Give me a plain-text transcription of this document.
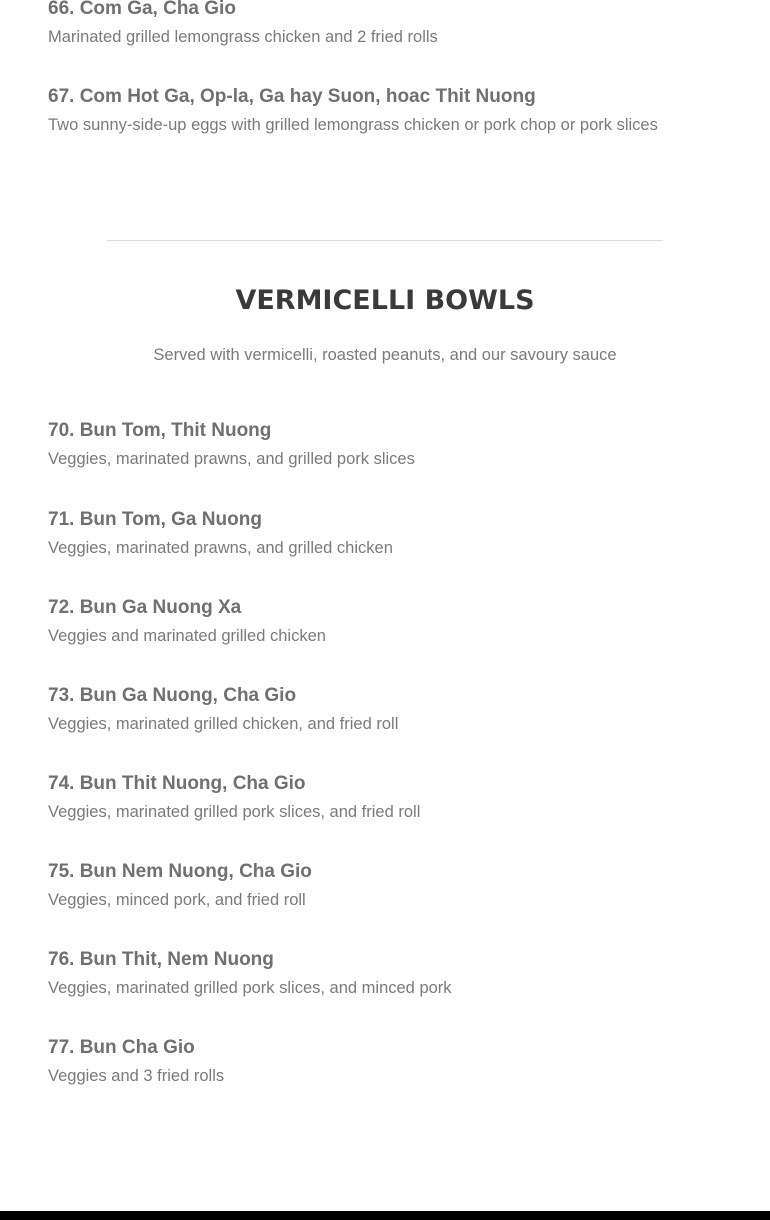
66. Com Ga, Cha Gio

Marinated grilled lemongrass chicken and 2 fried rolls

67. Com Hot Ga, Op-la, Ga hay Suon, hoac Thit Nuong

Two sunny-side-up eggs with grilled lemongrass chicken or pork chop or pork slices

VERMICELLI BOWLS

Served with vermicelli, roasted peanuts, and our savoury sauce

70. Bun Tom, Thit Nuong

Veggies, marinated prawns, and grilled pork slices

71. Bun Tom, Ga Nuong

Veggies, marinated prawns, and grilled chicken

72. Bun Ga Nuong Xa

Veggies and marinated grilled chicken

73. Bun Ga Nuong, Cha Gio

Veggies, marinated grilled chicken, and fried roll

74. Bun Thit Nuong, Cha Gio

Veggies, marinated grilled pork slices, and fried roll

75. Bun Nem Nuong, Cha Gio

Veggies, minced pork, and fried roll

76. Bun Thit, Nem Nuong

Veggies, marinated grilled pork slices, and minced pork

77. Bun Cha Gio

Veggies and 3 fried rolls
